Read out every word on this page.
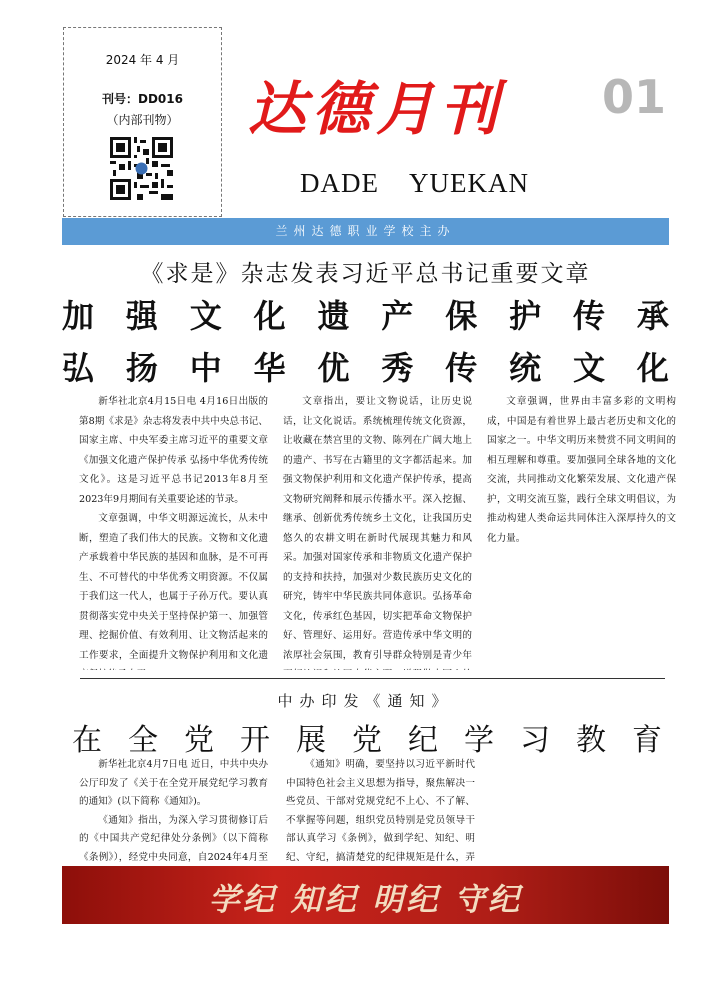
2024 年 4 月
刊号：DD016
（内部刊物）	达德月刊 01
DADE    YUEKAN
兰州达德职业学校主办
《求是》杂志发表习近平总书记重要文章
加 强 文 化 遗 产 保 护 传 承
弘 扬 中 华 优 秀 传 统 文 化

新华社北京4月15日电 4月16日出版的第8期《求是》杂志将发表中共中央总书记、国家主席、中央军委主席习近平的重要文章《加强文化遗产保护传承 弘扬中华优秀传统文化》。这是习近平总书记2013年8月至2023年9月期间有关重要论述的节录。

文章强调，中华文明源远流长，从未中断，塑造了我们伟大的民族。文物和文化遗产承载着中华民族的基因和血脉，是不可再生、不可替代的中华优秀文明资源。不仅属于我们这一代人，也属于子孙万代。要认真贯彻落实党中央关于坚持保护第一、加强管理、挖掘价值、有效利用、让文物活起来的工作要求，全面提升文物保护利用和文化遗

文章指出，要让文物说话，让历史说话，让文化说话。系统梳理传统文化资源，让收藏在禁宫里的文物、陈列在广阔大地上的遗产、书写在古籍里的文字都活起来。加强文物保护利用和文化遗产保护传承，提高文物研究阐释和展示传播水平。深入挖掘、继承、创新优秀传统乡土文化，让我国历史悠久的农耕文明在新时代展现其魅力和风采。加强对国家传承和非物质文化遗产保护的支持和扶持，加强对少数民族历史文化的研究，铸牢中华民族共同体意识。弘扬革命文化，传承红色基因，切实把革命文物保护好、管理好、运用好。营造传承中华文明的浓厚社会氛围，教育引导群众特别是青少年

文章强调，世界由丰富多彩的文明构成，中国是有着世界上最古老历史和文化的国家之一。中华文明历来赞赏不同文明间的相互理解和尊重。要加强同全球各地的文化交流，共同推动文化繁荣发展、文化遗产保护，文明交流互鉴，践行全球文明倡议，为推动构建人类命运共同体注入深厚持久的文化力量。

中办印发《通知》
在 全 党 开 展 党 纪 学 习 教 育

新华社北京4月7日电 近日，中共中央办公厅印发了《关于在全党开展党纪学习教育的通知》(以下简称《通知》)。

《通知》指出，为深入学习贯彻修订后的《中国共产党纪律处分条例》（以下简称《条例》），经党中央同意，自2024年4月至

《通知》明确，要坚持以习近平新时代中国特色社会主义思想为指导，聚焦解决一些党员、干部对党规党纪不上心、不了解、不掌握等问题，组织党员特别是党员领导干部认真学习《条例》，做到学纪、知纪、明纪、守纪，搞清楚党的纪律规矩是什么，弄

学纪 知纪 明纪 守纪
